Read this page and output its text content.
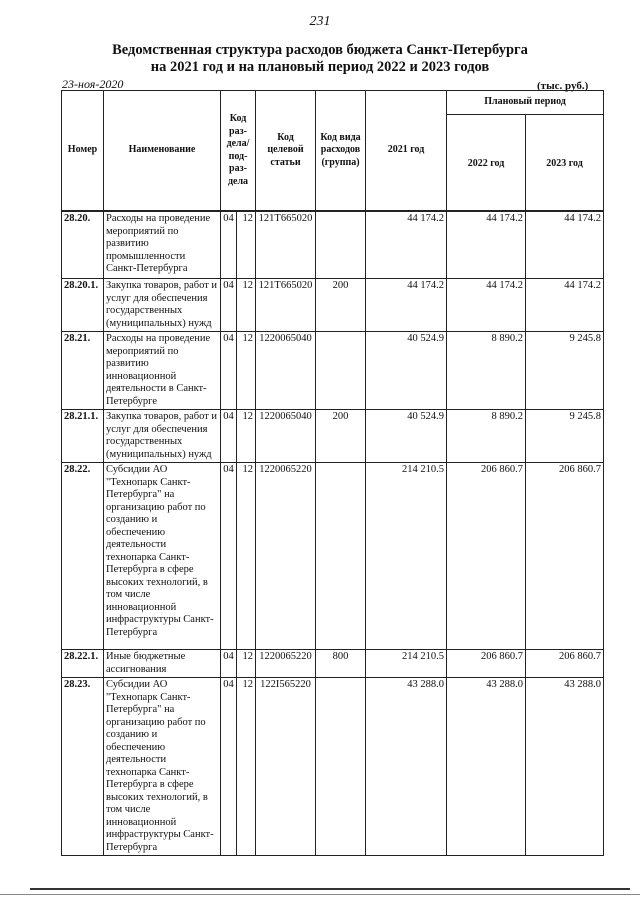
231
Ведомственная структура расходов бюджета Санкт-Петербурга
на 2021 год и на плановый период 2022 и 2023 годов
23-ноя-2020	(тыс. руб.)
Номер	Наименование	Код раз-дела/ под-раз-дела		Код целевой статьи	Код вида расходов (группа)	2021 год	Плановый период	
							2022 год	2023 год

28.20.	Расходы на проведение мероприятий по развитию промышленности Санкт-Петербурга	04	12	121Т665020		44 174.2	44 174.2	44 174.2
28.20.1.	Закупка товаров, работ и услуг для обеспечения государственных (муниципальных) нужд	04	12	121Т665020	200	44 174.2	44 174.2	44 174.2
28.21.	Расходы на проведение мероприятий по развитию инновационной деятельности в Санкт-Петербурге	04	12	1220065040		40 524.9	8 890.2	9 245.8
28.21.1.	Закупка товаров, работ и услуг для обеспечения государственных (муниципальных) нужд	04	12	1220065040	200	40 524.9	8 890.2	9 245.8
28.22.	Субсидии АО "Технопарк Санкт-Петербурга" на организацию работ по созданию и обеспечению деятельности технопарка Санкт-Петербурга в сфере высоких технологий, в том числе инновационной инфраструктуры Санкт-Петербурга	04	12	1220065220		214 210.5	206 860.7	206 860.7
28.22.1.	Иные бюджетные ассигнования	04	12	1220065220	800	214 210.5	206 860.7	206 860.7
28.23.	Субсидии АО "Технопарк Санкт-Петербурга" на организацию работ по созданию и обеспечению деятельности технопарка Санкт-Петербурга в сфере высоких технологий, в том числе инновационной инфраструктуры Санкт-Петербурга	04	12	122I565220		43 288.0	43 288.0	43 288.0
